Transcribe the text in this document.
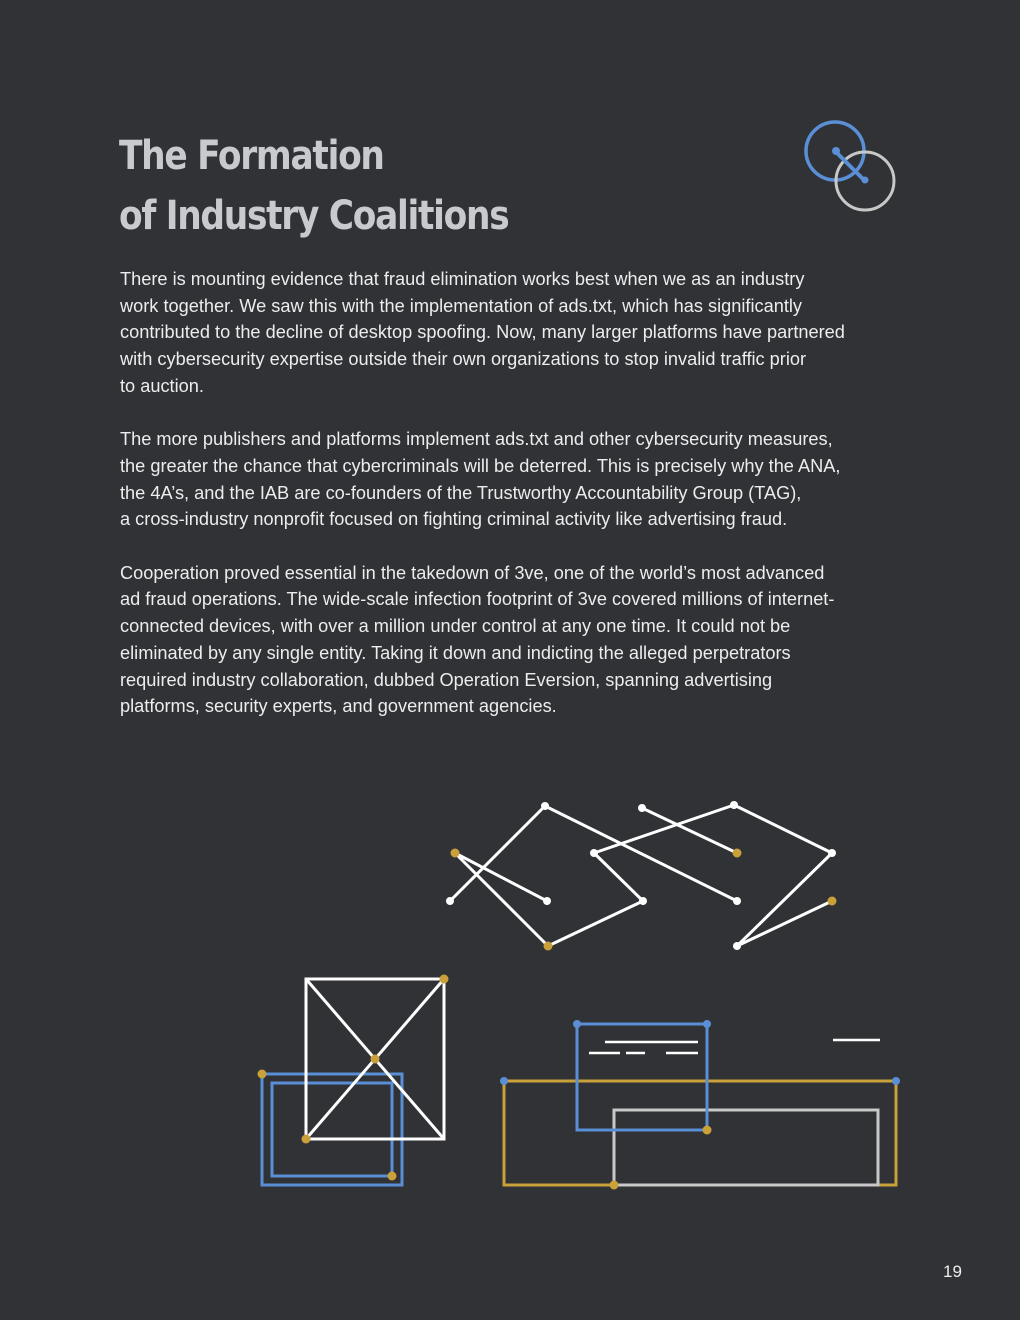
The Formation
of Industry Coalitions
There is mounting evidence that fraud elimination works best when we as an industry
work together. We saw this with the implementation of ads.txt, which has significantly
contributed to the decline of desktop spoofing. Now, many larger platforms have partnered
with cybersecurity expertise outside their own organizations to stop invalid traffic prior
to auction.
The more publishers and platforms implement ads.txt and other cybersecurity measures,
the greater the chance that cybercriminals will be deterred. This is precisely why the ANA,
the 4A’s, and the IAB are co-founders of the Trustworthy Accountability Group (TAG),
a cross-industry nonprofit focused on fighting criminal activity like advertising fraud.
Cooperation proved essential in the takedown of 3ve, one of the world’s most advanced
ad fraud operations. The wide-scale infection footprint of 3ve covered millions of internet-
connected devices, with over a million under control at any one time. It could not be
eliminated by any single entity. Taking it down and indicting the alleged perpetrators
required industry collaboration, dubbed Operation Eversion, spanning advertising
platforms, security experts, and government agencies.
19
